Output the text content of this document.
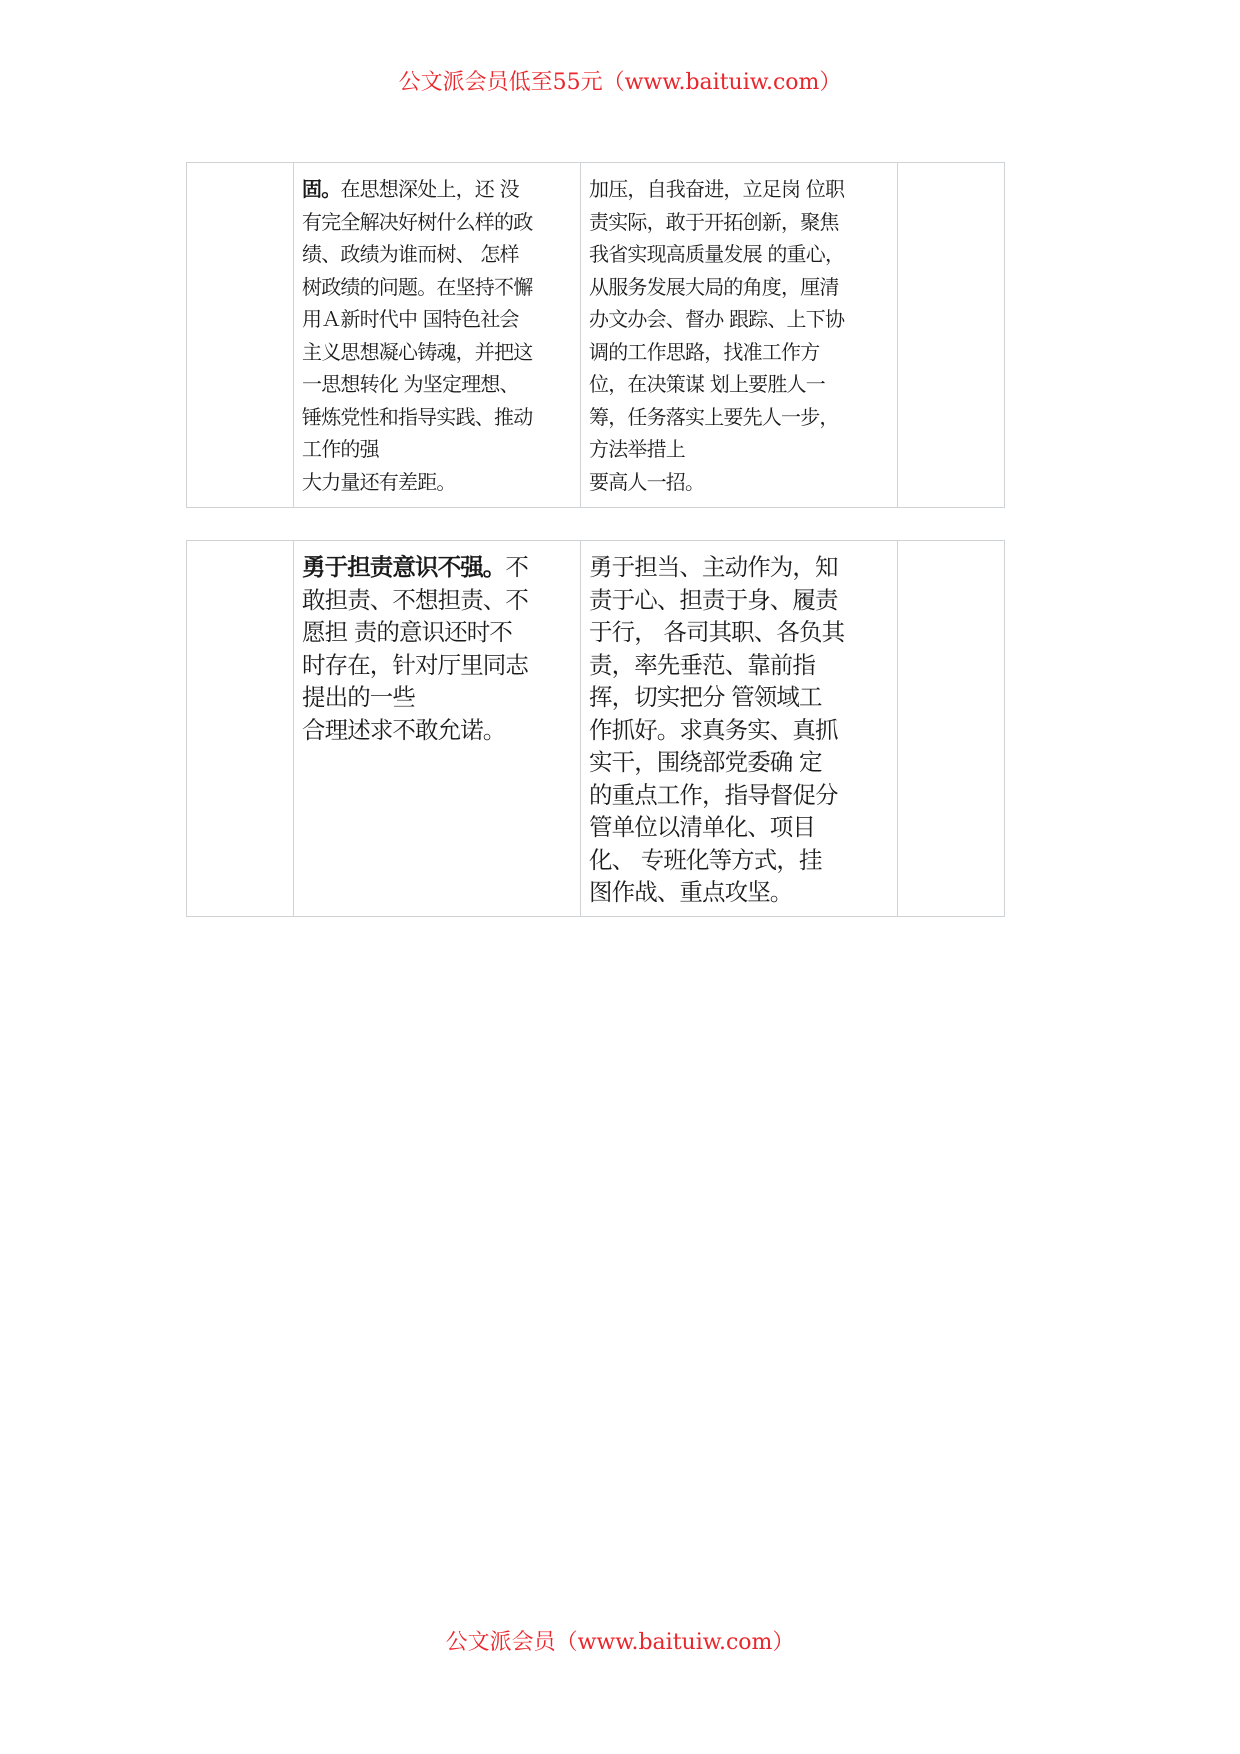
公文派会员低至55元（www.baituiw.com）

固。在思想深处上，还 没
有完全解决好树什么样的政
绩、政绩为谁而树、 怎样
树政绩的问题。在坚持不懈
用Ａ新时代中 国特色社会
主义思想凝心铸魂，并把这
一思想转化 为坚定理想、
锤炼党性和指导实践、推动
工作的强
大力量还有差距。

加压，自我奋进，立足岗 位职
责实际，敢于开拓创新，聚焦
我省实现高质量发展 的重心，
从服务发展大局的角度，厘清
办文办会、督办 跟踪、上下协
调的工作思路，找准工作方
位，在决策谋 划上要胜人一
筹，任务落实上要先人一步，
方法举措上
要高人一招。

勇于担责意识不强。不
敢担责、不想担责、不
愿担 责的意识还时不
时存在，针对厅里同志
提出的一些
合理述求不敢允诺。

勇于担当、主动作为，知
责于心、担责于身、履责
于行， 各司其职、各负其
责，率先垂范、靠前指
挥，切实把分 管领域工
作抓好。求真务实、真抓
实干，围绕部党委确 定
的重点工作，指导督促分
管单位以清单化、项目
化、 专班化等方式，挂
图作战、重点攻坚。

公文派会员（www.baituiw.com）
